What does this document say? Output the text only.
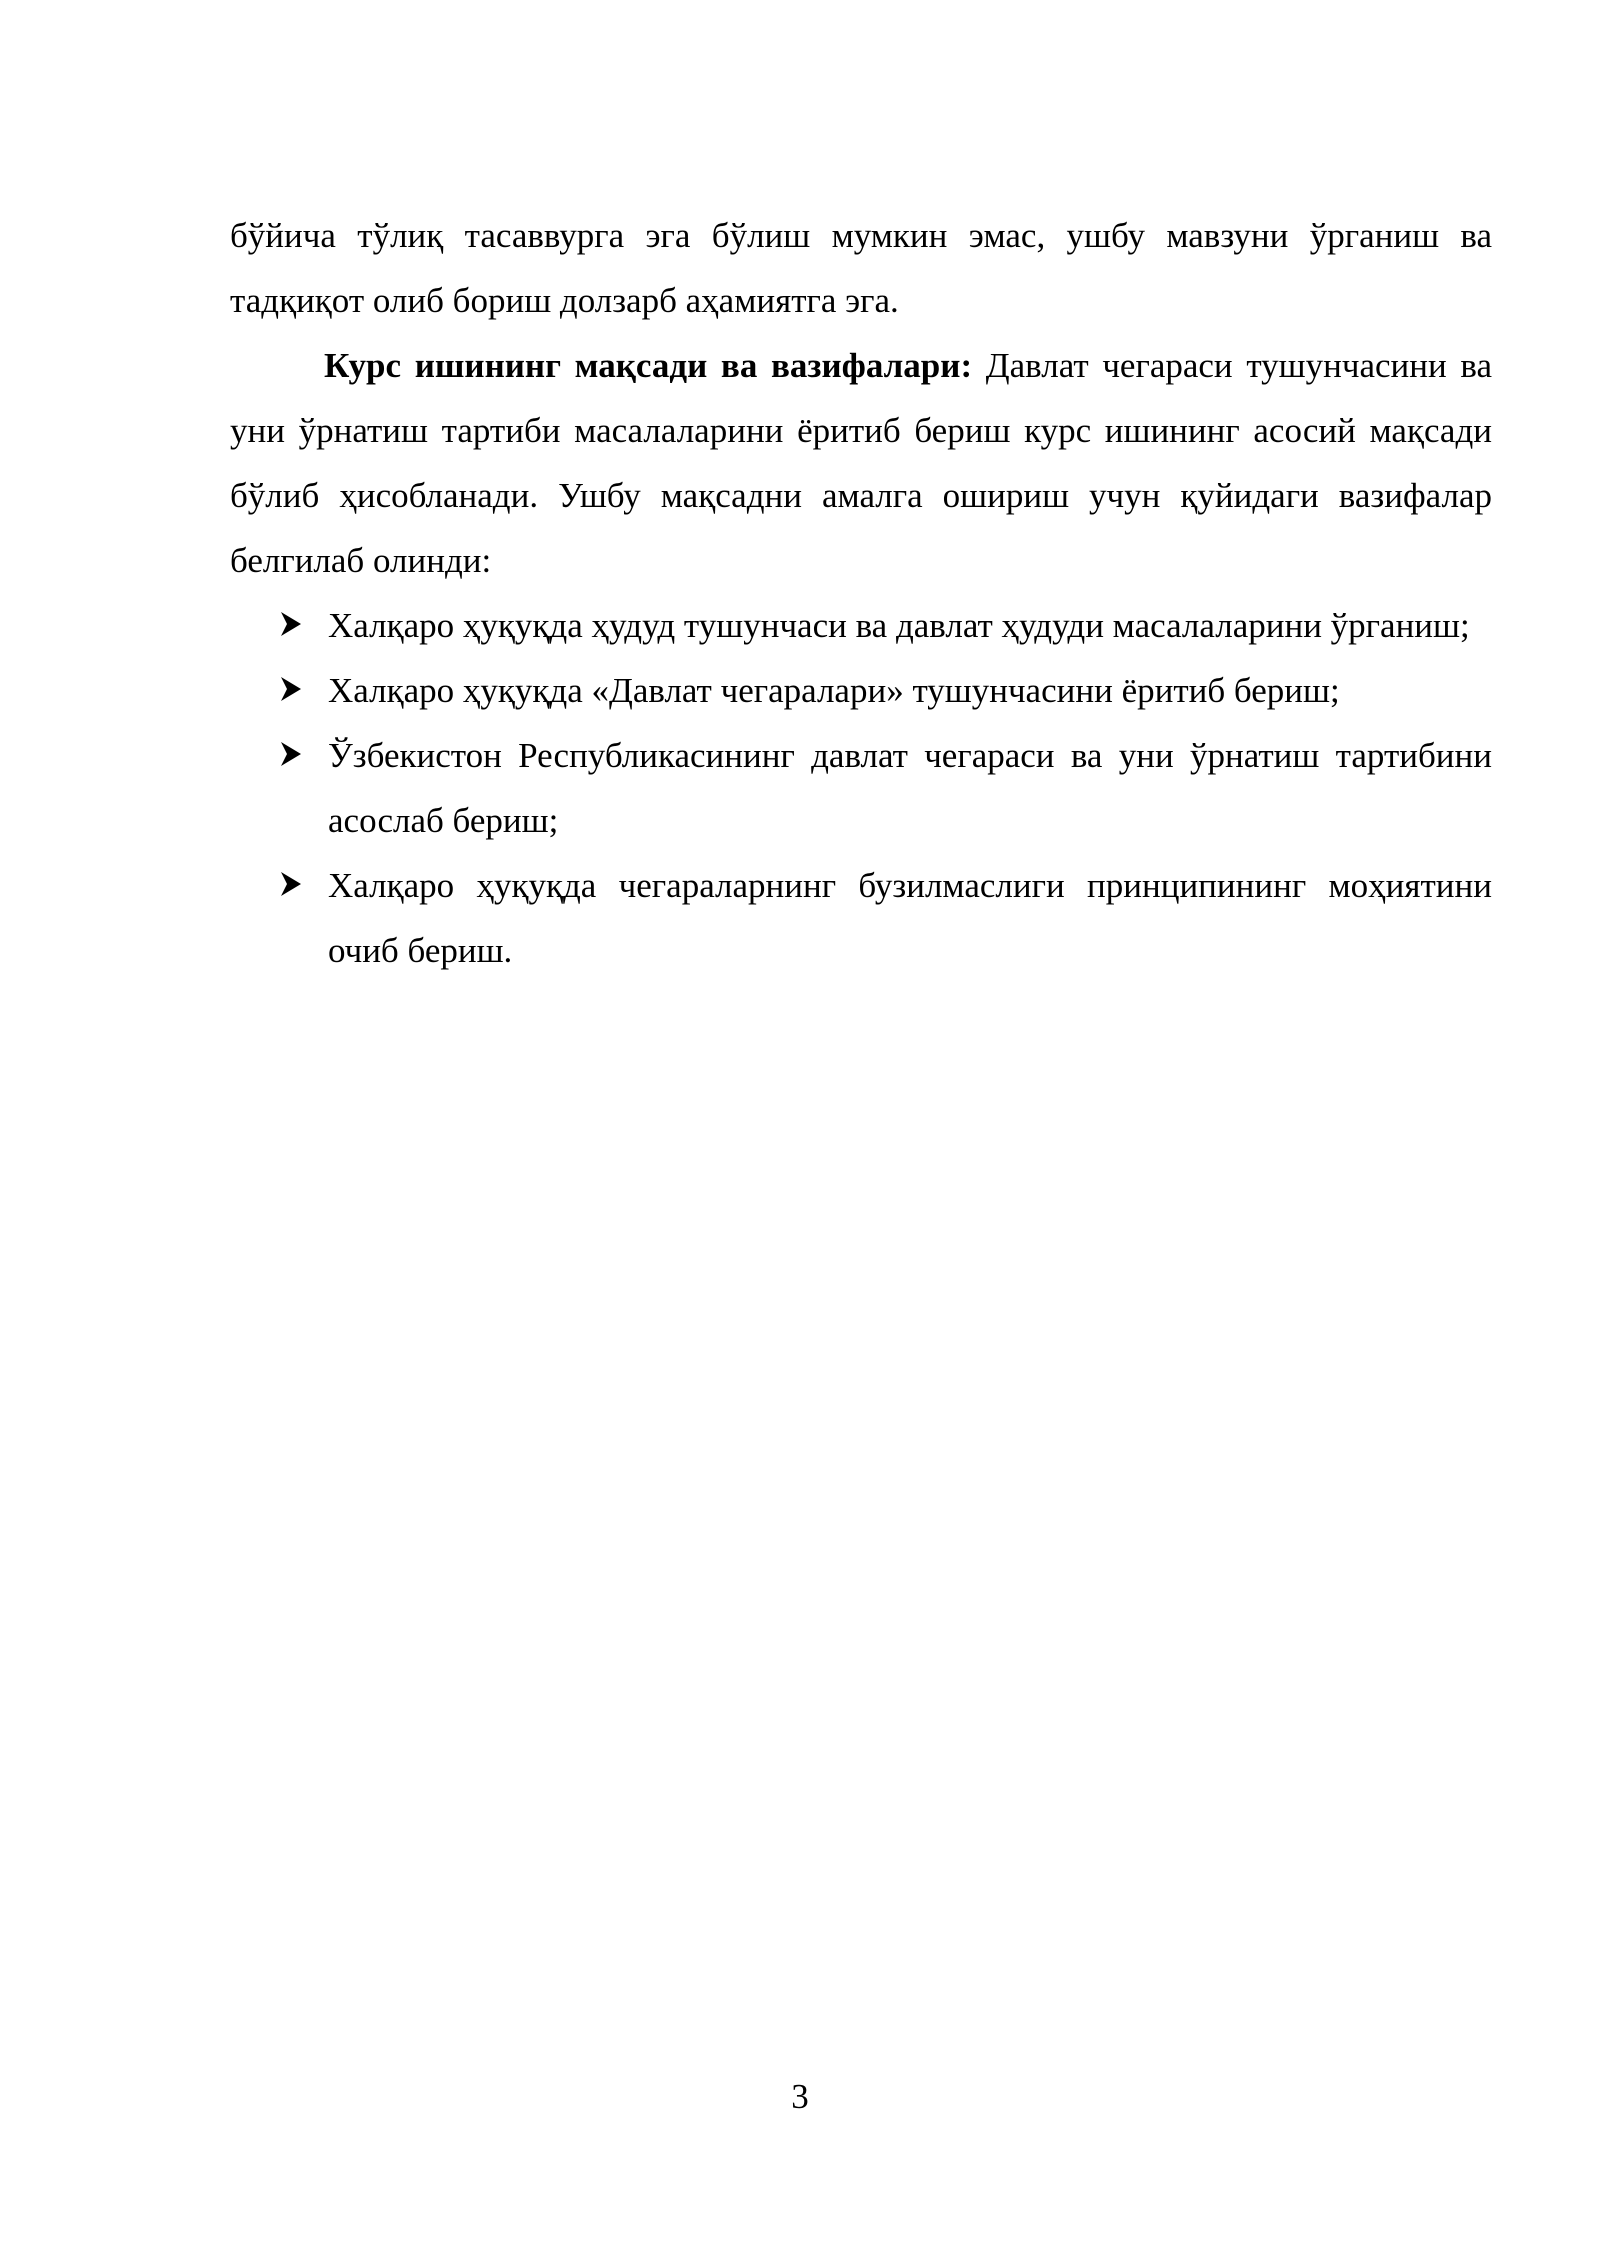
бўйича тўлиқ тасаввурга эга бўлиш мумкин эмас, ушбу мавзуни ўрганиш ва тадқиқот олиб бориш долзарб аҳамиятга эга.

Курс ишининг мақсади ва вазифалари: Давлат чегараси тушунчасини ва уни ўрнатиш тартиби масалаларини ёритиб бериш курс ишининг асосий мақсади бўлиб ҳисобланади. Ушбу мақсадни амалга ошириш учун қуйидаги вазифалар белгилаб олинди:

Халқаро ҳуқуқда ҳудуд тушунчаси ва давлат ҳудуди масалаларини ўрганиш;
Халқаро ҳуқуқда «Давлат чегаралари» тушунчасини ёритиб бериш;
Ўзбекистон Республикасининг давлат чегараси ва уни ўрнатиш тартибини асослаб бериш;
Халқаро ҳуқуқда чегараларнинг бузилмаслиги принципининг моҳиятини очиб бериш.
3
